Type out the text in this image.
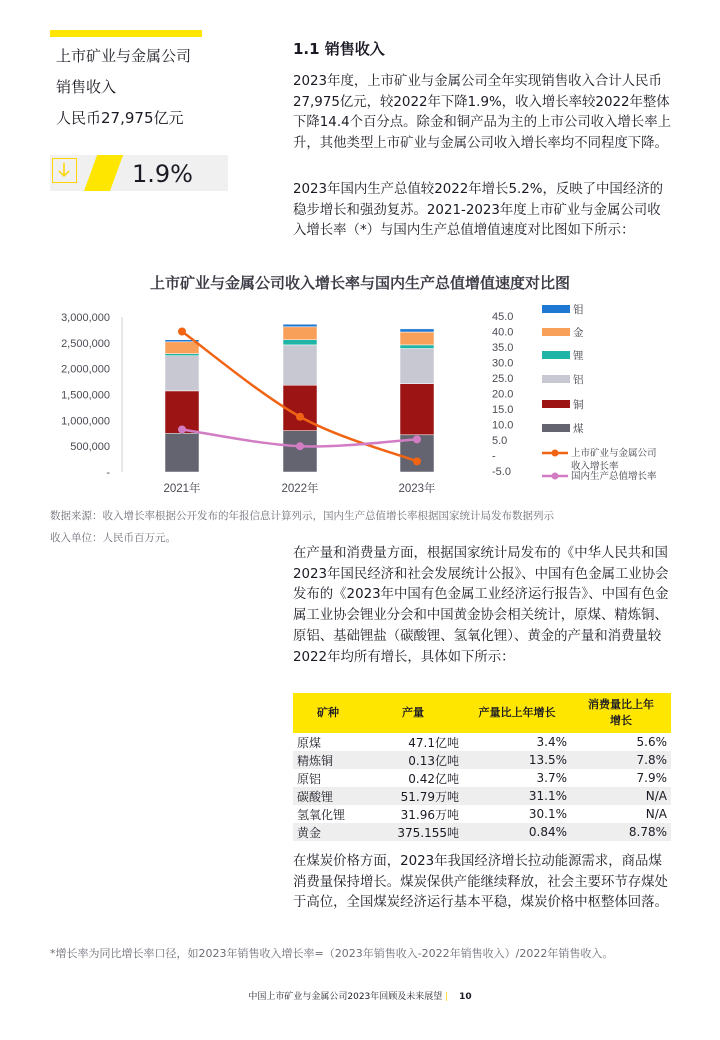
上市矿业与金属公司
销售收入
人民币27,975亿元
1.9%
1.1 销售收入
2023年度，上市矿业与金属公司全年实现销售收入合计人民币27,975亿元，较2022年下降1.9%，收入增长率较2022年整体下降14.4个百分点。除金和铜产品为主的上市公司收入增长率上升，其他类型上市矿业与金属公司收入增长率均不同程度下降。
2023年国内生产总值较2022年增长5.2%，反映了中国经济的稳步增长和强劲复苏。2021-2023年度上市矿业与金属公司收入增长率（*）与国内生产总值增值速度对比图如下所示：
上市矿业与金属公司收入增长率与国内生产总值增值速度对比图
-
500,000
1,000,000
1,500,000
2,000,000
2,500,000
3,000,000
-5.0
-
5.0
10.0
15.0
20.0
25.0
30.0
35.0
40.0
45.0
2021年	2022年	2023年
钼
金
锂
铝
铜
煤
上市矿业与金属公司
收入增长率
国内生产总值增长率
数据来源：收入增长率根据公开发布的年报信息计算列示，国内生产总值增长率根据国家统计局发布数据列示
收入单位：人民币百万元。
在产量和消费量方面，根据国家统计局发布的《中华人民共和国2023年国民经济和社会发展统计公报》、中国有色金属工业协会发布的《2023年中国有色金属工业经济运行报告》、中国有色金属工业协会锂业分会和中国黄金协会相关统计，原煤、精炼铜、原铝、基础锂盐（碳酸锂、氢氧化锂）、黄金的产量和消费量较2022年均所有增长，具体如下所示：
矿种	产量	产量比上年增长	消费量比上年增长
原煤	47.1亿吨	3.4%	5.6%
精炼铜	0.13亿吨	13.5%	7.8%
原铝	0.42亿吨	3.7%	7.9%
碳酸锂	51.79万吨	31.1%	N/A
氢氧化锂	31.96万吨	30.1%	N/A
黄金	375.155吨	0.84%	8.78%
在煤炭价格方面，2023年我国经济增长拉动能源需求，商品煤消费量保持增长。煤炭保供产能继续释放，社会主要环节存煤处于高位，全国煤炭经济运行基本平稳，煤炭价格中枢整体回落。
*增长率为同比增长率口径，如2023年销售收入增长率=（2023年销售收入-2022年销售收入）/2022年销售收入。
中国上市矿业与金属公司2023年回顾及未来展望 | 10
